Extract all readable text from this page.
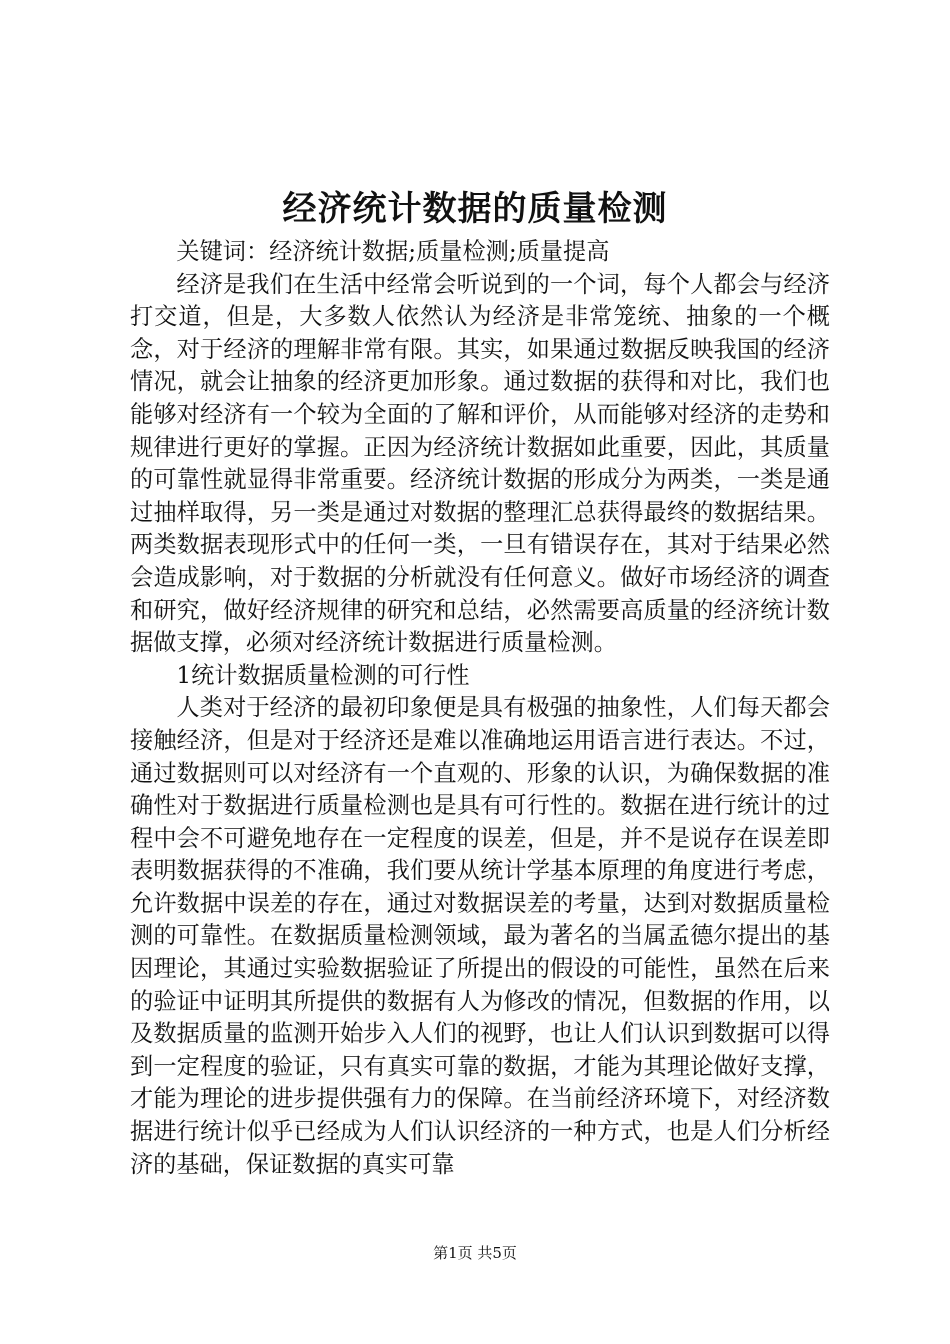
经济统计数据的质量检测

关键词：经济统计数据;质量检测;质量提高

经济是我们在生活中经常会听说到的一个词，每个人都会与经济打交道，但是，大多数人依然认为经济是非常笼统、抽象的一个概念，对于经济的理解非常有限。其实，如果通过数据反映我国的经济情况，就会让抽象的经济更加形象。通过数据的获得和对比，我们也能够对经济有一个较为全面的了解和评价，从而能够对经济的走势和规律进行更好的掌握。正因为经济统计数据如此重要，因此，其质量的可靠性就显得非常重要。经济统计数据的形成分为两类，一类是通过抽样取得，另一类是通过对数据的整理汇总获得最终的数据结果。两类数据表现形式中的任何一类，一旦有错误存在，其对于结果必然会造成影响，对于数据的分析就没有任何意义。做好市场经济的调查和研究，做好经济规律的研究和总结，必然需要高质量的经济统计数据做支撑，必须对经济统计数据进行质量检测。

1统计数据质量检测的可行性

人类对于经济的最初印象便是具有极强的抽象性，人们每天都会接触经济，但是对于经济还是难以准确地运用语言进行表达。不过，通过数据则可以对经济有一个直观的、形象的认识，为确保数据的准确性对于数据进行质量检测也是具有可行性的。数据在进行统计的过程中会不可避免地存在一定程度的误差，但是，并不是说存在误差即表明数据获得的不准确，我们要从统计学基本原理的角度进行考虑，允许数据中误差的存在，通过对数据误差的考量，达到对数据质量检测的可靠性。在数据质量检测领域，最为著名的当属孟德尔提出的基因理论，其通过实验数据验证了所提出的假设的可能性，虽然在后来的验证中证明其所提供的数据有人为修改的情况，但数据的作用，以及数据质量的监测开始步入人们的视野，也让人们认识到数据可以得到一定程度的验证，只有真实可靠的数据，才能为其理论做好支撑，才能为理论的进步提供强有力的保障。在当前经济环境下，对经济数据进行统计似乎已经成为人们认识经济的一种方式，也是人们分析经济的基础，保证数据的真实可靠

第1页 共5页
